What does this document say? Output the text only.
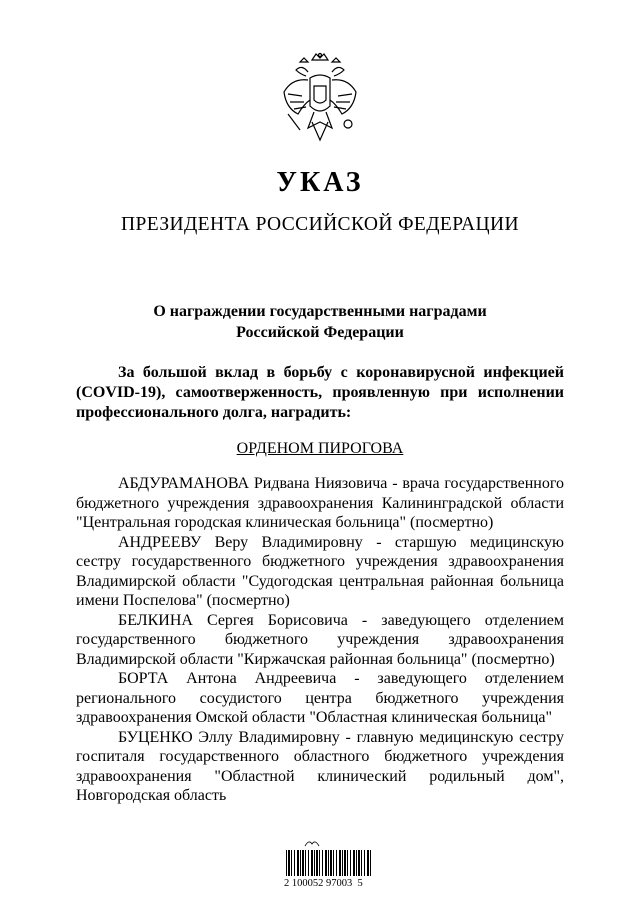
УКАЗ
ПРЕЗИДЕНТА РОССИЙСКОЙ ФЕДЕРАЦИИ
О награждении государственными наградами
Российской Федерации

За большой вклад в борьбу с коронавирусной инфекцией (COVID-19), самоотверженность, проявленную при исполнении профессионального долга, наградить:

ОРДЕНОМ ПИРОГОВА

АБДУРАМАНОВА Ридвана Ниязовича - врача государственного бюджетного учреждения здравоохранения Калининградской области "Центральная городская клиническая больница" (посмертно)

АНДРЕЕВУ Веру Владимировну - старшую медицинскую сестру государственного бюджетного учреждения здравоохранения Владимирской области "Судогодская центральная районная больница имени Поспелова" (посмертно)

БЕЛКИНА Сергея Борисовича - заведующего отделением государственного бюджетного учреждения здравоохранения Владимирской области "Киржачская районная больница" (посмертно)

БОРТА Антона Андреевича - заведующего отделением регионального сосудистого центра бюджетного учреждения здравоохранения Омской области "Областная клиническая больница"

БУЦЕНКО Эллу Владимировну - главную медицинскую сестру госпиталя государственного областного бюджетного учреждения здравоохранения "Областной клинический родильный дом", Новгородская область

2 100052 97003  5
